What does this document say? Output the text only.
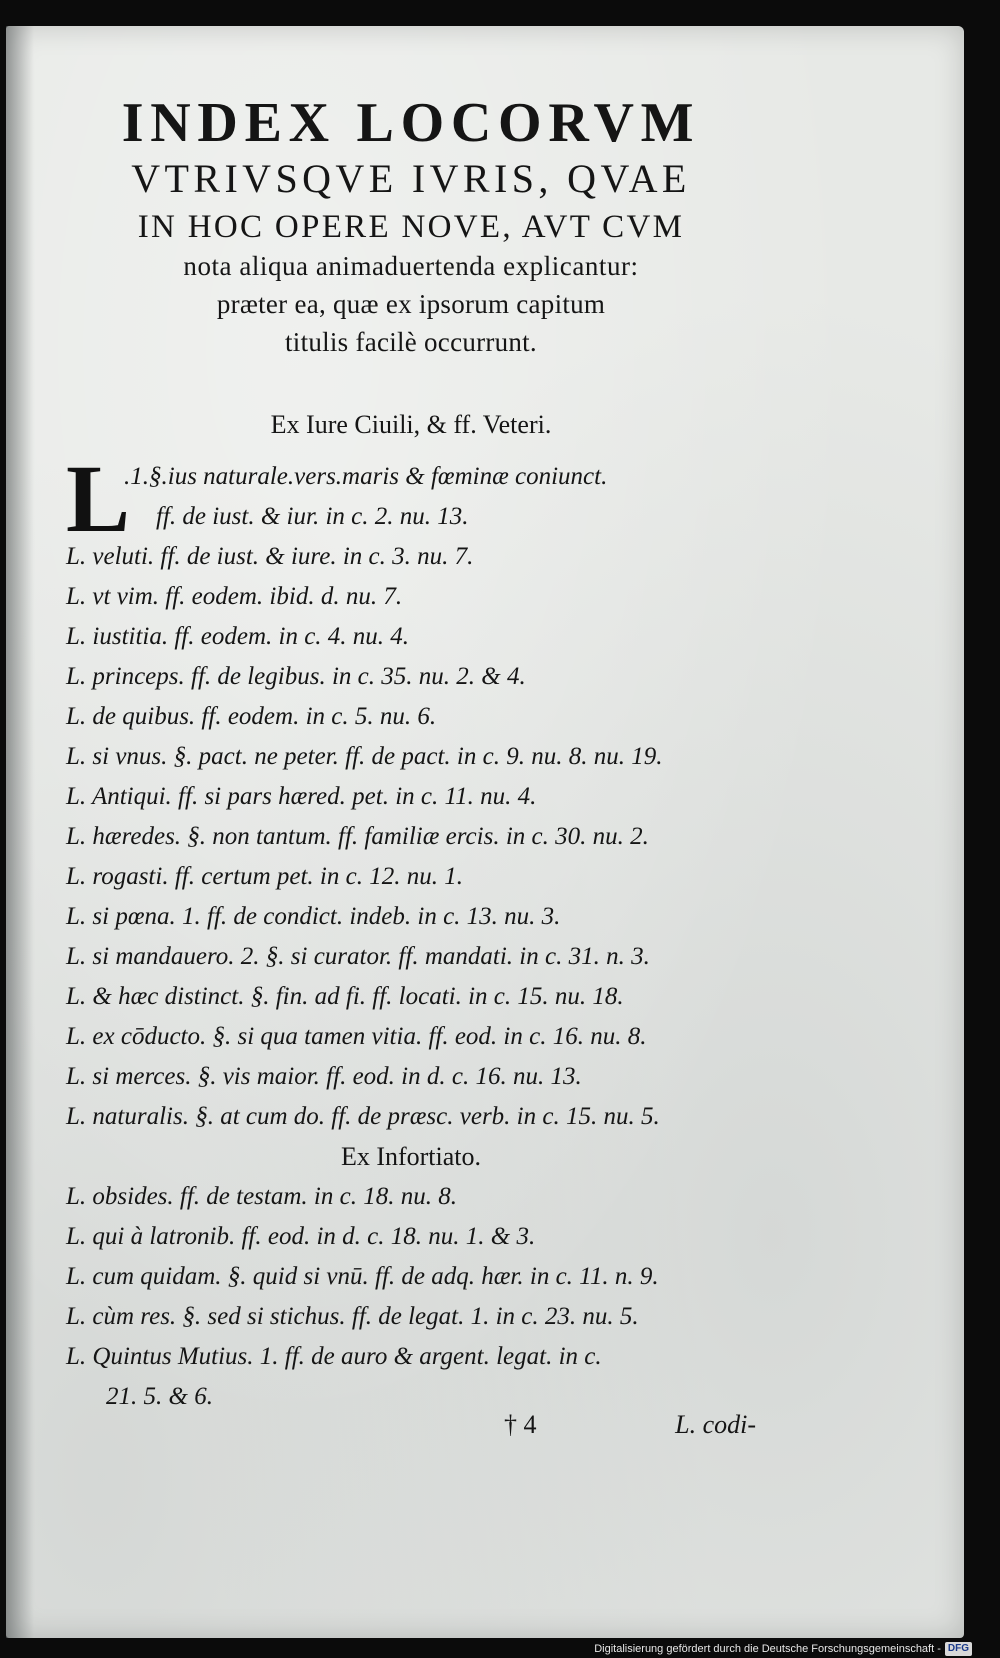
INDEX LOCORVM
VTRIVSQVE IVRIS, QVAE
IN HOC OPERE NOVE, AVT CVM
nota aliqua animaduertenda explicantur:
præter ea, quæ ex ipsorum capitum
titulis facilè occurrunt.
Ex Iure Ciuili, & ff. Veteri.
L
.1.§.ius naturale.vers.maris & fœminæ coniunct.
ff. de iust. & iur. in c. 2. nu. 13.
L. veluti. ff. de iust. & iure. in c. 3. nu. 7.
L. vt vim. ff. eodem. ibid. d. nu. 7.
L. iustitia. ff. eodem. in c. 4. nu. 4.
L. princeps. ff. de legibus. in c. 35. nu. 2. & 4.
L. de quibus. ff. eodem. in c. 5. nu. 6.
L. si vnus. §. pact. ne peter. ff. de pact. in c. 9. nu. 8. nu. 19.
L. Antiqui. ff. si pars hæred. pet. in c. 11. nu. 4.
L. hæredes. §. non tantum. ff. familiæ ercis. in c. 30. nu. 2.
L. rogasti. ff. certum pet. in c. 12. nu. 1.
L. si pœna. 1. ff. de condict. indeb. in c. 13. nu. 3.
L. si mandauero. 2. §. si curator. ff. mandati. in c. 31. n. 3.
L. & hæc distinct. §. fin. ad fi. ff. locati. in c. 15. nu. 18.
L. ex cōducto. §. si qua tamen vitia. ff. eod. in c. 16. nu. 8.
L. si merces. §. vis maior. ff. eod. in d. c. 16. nu. 13.
L. naturalis. §. at cum do. ff. de præsc. verb. in c. 15. nu. 5.
Ex Infortiato.
L. obsides. ff. de testam. in c. 18. nu. 8.
L. qui à latronib. ff. eod. in d. c. 18. nu. 1. & 3.
L. cum quidam. §. quid si vnū. ff. de adq. hær. in c. 11. n. 9.
L. cùm res. §. sed si stichus. ff. de legat. 1. in c. 23. nu. 5.
L. Quintus Mutius. 1. ff. de auro & argent. legat. in c.
21. 5. & 6.
† 4	L. codi-
Digitalisierung gefördert durch die Deutsche Forschungsgemeinschaft - DFG
